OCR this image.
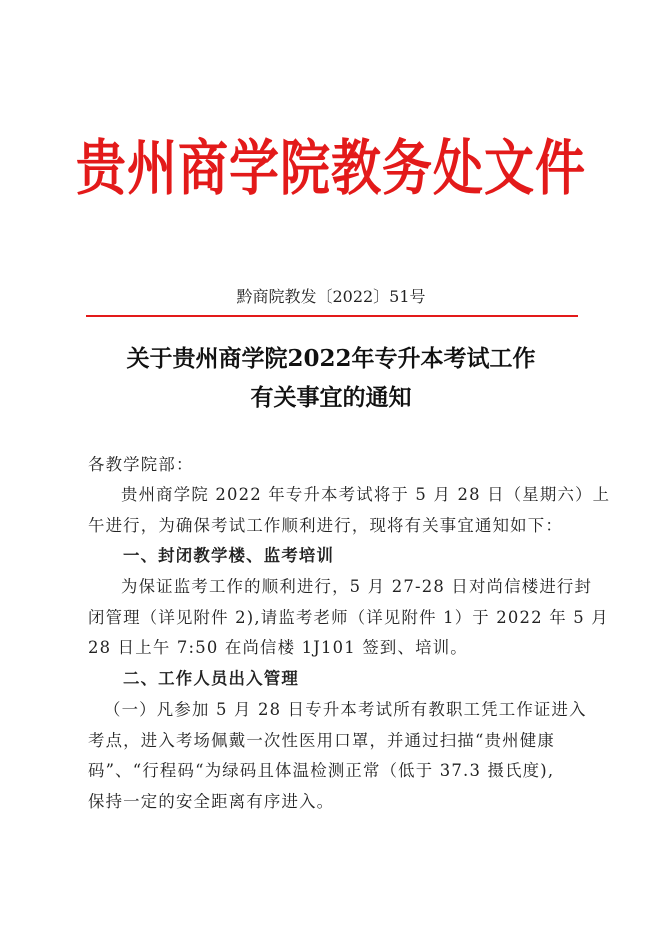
贵州商学院教务处文件
黔商院教发〔2022〕51号
关于贵州商学院2022年专升本考试工作
有关事宜的通知
各教学院部：
贵州商学院 2022 年专升本考试将于 5 月 28 日（星期六）上
午进行，为确保考试工作顺利进行，现将有关事宜通知如下：
一、封闭教学楼、监考培训
为保证监考工作的顺利进行，5 月 27-28 日对尚信楼进行封
闭管理（详见附件 2),请监考老师（详见附件 1）于 2022 年 5 月
28 日上午 7:50 在尚信楼 1J101 签到、培训。
二、工作人员出入管理
（一）凡参加 5 月 28 日专升本考试所有教职工凭工作证进入
考点，进入考场佩戴一次性医用口罩，并通过扫描“贵州健康
码”、“行程码“为绿码且体温检测正常（低于 37.3 摄氏度),
保持一定的安全距离有序进入。
